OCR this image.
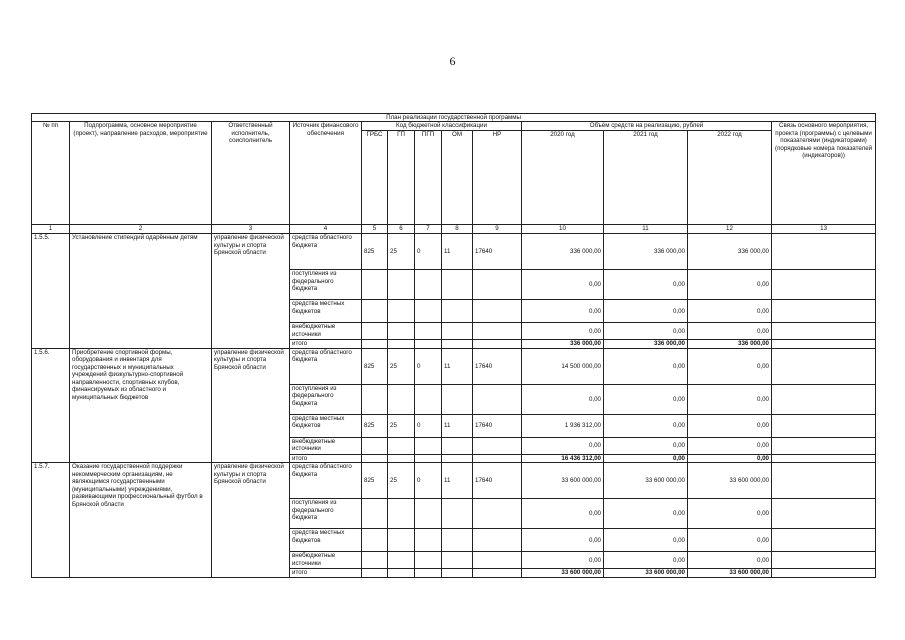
6
План реализации государственной программы												
№ пп	Подпрограмма, основное мероприятие (проект), направление расходов, мероприятие	Ответственный исполнитель, соисполнитель	Источник финансового обеспечения	Код бюджетной классификации					Объём средств на реализацию, рублей			Связь основного мероприятия, проекта (программы) с целевыми показателями (индикаторами) (порядковые номера показателей (индикаторов))
				ГРБС	ГП	ПГП	ОМ	НР	2020 год	2021 год	2022 год	
1	2	3	4	5	6	7	8	9	10	11	12	13
1.5.5.	Установление стипендий одарённым детям	управление физической культуры и спорта Брянской области	средства областного бюджета	825	25	0	11	17640	336 000,00	336 000,00	336 000,00	
			поступления из федерального бюджета						0,00	0,00	0,00	
			средства местных бюджетов						0,00	0,00	0,00	
			внебюджетные источники						0,00	0,00	0,00	
			итого						336 000,00	336 000,00	336 000,00	
1.5.6.	Приобретение спортивной формы, оборудования и инвентаря для государственных и муниципальных учреждений физкультурно-спортивной направленности, спортивных клубов, финансируемых из областного и муниципальных бюджетов	управление физической культуры и спорта Брянской области	средства областного бюджета	825	25	0	11	17640	14 500 000,00	0,00	0,00	
			поступления из федерального бюджета						0,00	0,00	0,00	
			средства местных бюджетов	825	25	0	11	17640	1 936 312,00	0,00	0,00	
			внебюджетные источники						0,00	0,00	0,00	
			итого						16 436 312,00	0,00	0,00	
1.5.7.	Оказание государственной поддержки некоммерческим организациям, не являющимся государственными (муниципальными) учреждениями, развивающими профессиональный футбол в Брянской области	управление физической культуры и спорта Брянской области	средства областного бюджета	825	25	0	11	17640	33 600 000,00	33 600 000,00	33 600 000,00	
			поступления из федерального бюджета						0,00	0,00	0,00	
			средства местных бюджетов						0,00	0,00	0,00	
			внебюджетные источники						0,00	0,00	0,00	
			итого						33 600 000,00	33 600 000,00	33 600 000,00	
